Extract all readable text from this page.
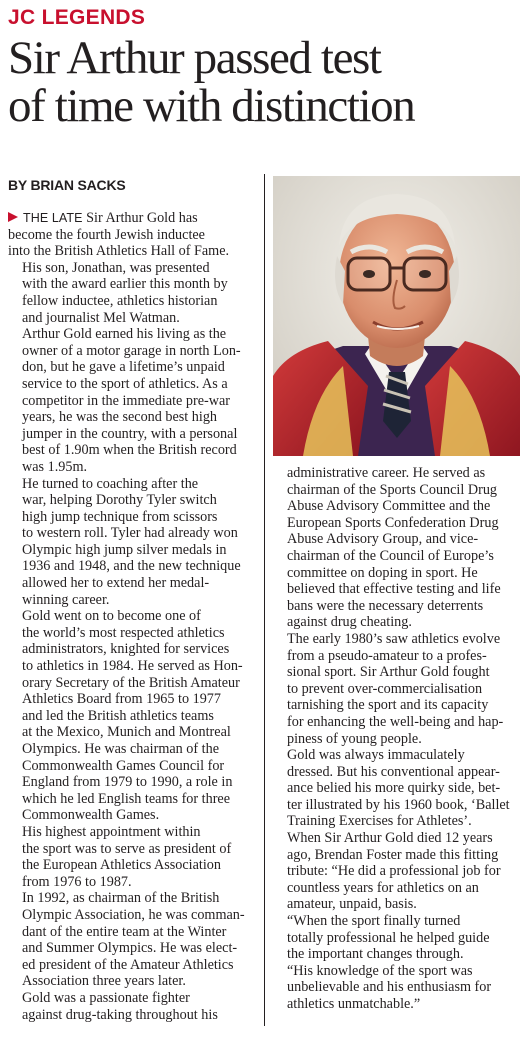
JC LEGENDS
Sir Arthur passed test
of time with distinction
BY BRIAN SACKS

THE LATE Sir Arthur Gold has
become the fourth Jewish inductee
into the British Athletics Hall of Fame.

His son, Jonathan, was presented
with the award earlier this month by
fellow inductee, athletics historian
and journalist Mel Watman.

Arthur Gold earned his living as the
owner of a motor garage in north Lon-
don, but he gave a lifetime’s unpaid
service to the sport of athletics. As a
competitor in the immediate pre-war
years, he was the second best high
jumper in the country, with a personal
best of 1.90m when the British record
was 1.95m.

He turned to coaching after the
war, helping Dorothy Tyler switch
high jump technique from scissors
to western roll. Tyler had already won
Olympic high jump silver medals in
1936 and 1948, and the new technique
allowed her to extend her medal-
winning career.

Gold went on to become one of
the world’s most respected athletics
administrators, knighted for services
to athletics in 1984. He served as Hon-
orary Secretary of the British Amateur
Athletics Board from 1965 to 1977
and led the British athletics teams
at the Mexico, Munich and Montreal
Olympics. He was chairman of the
Commonwealth Games Council for
England from 1979 to 1990, a role in
which he led English teams for three
Commonwealth Games.

His highest appointment within
the sport was to serve as president of
the European Athletics Association
from 1976 to 1987.

In 1992, as chairman of the British
Olympic Association, he was comman-
dant of the entire team at the Winter
and Summer Olympics. He was elect-
ed president of the Amateur Athletics
Association three years later.

Gold was a passionate fighter
against drug-taking throughout his

administrative career. He served as
chairman of the Sports Council Drug
Abuse Advisory Committee and the
European Sports Confederation Drug
Abuse Advisory Group, and vice-
chairman of the Council of Europe’s
committee on doping in sport. He
believed that effective testing and life
bans were the necessary deterrents
against drug cheating.

The early 1980’s saw athletics evolve
from a pseudo-amateur to a profes-
sional sport. Sir Arthur Gold fought
to prevent over-commercialisation
tarnishing the sport and its capacity
for enhancing the well-being and hap-
piness of young people.

Gold was always immaculately
dressed. But his conventional appear-
ance belied his more quirky side, bet-
ter illustrated by his 1960 book, ‘Ballet
Training Exercises for Athletes’.

When Sir Arthur Gold died 12 years
ago, Brendan Foster made this fitting
tribute: “He did a professional job for
countless years for athletics on an
amateur, unpaid, basis.

“When the sport finally turned
totally professional he helped guide
the important changes through.

“His knowledge of the sport was
unbelievable and his enthusiasm for
athletics unmatchable.”
